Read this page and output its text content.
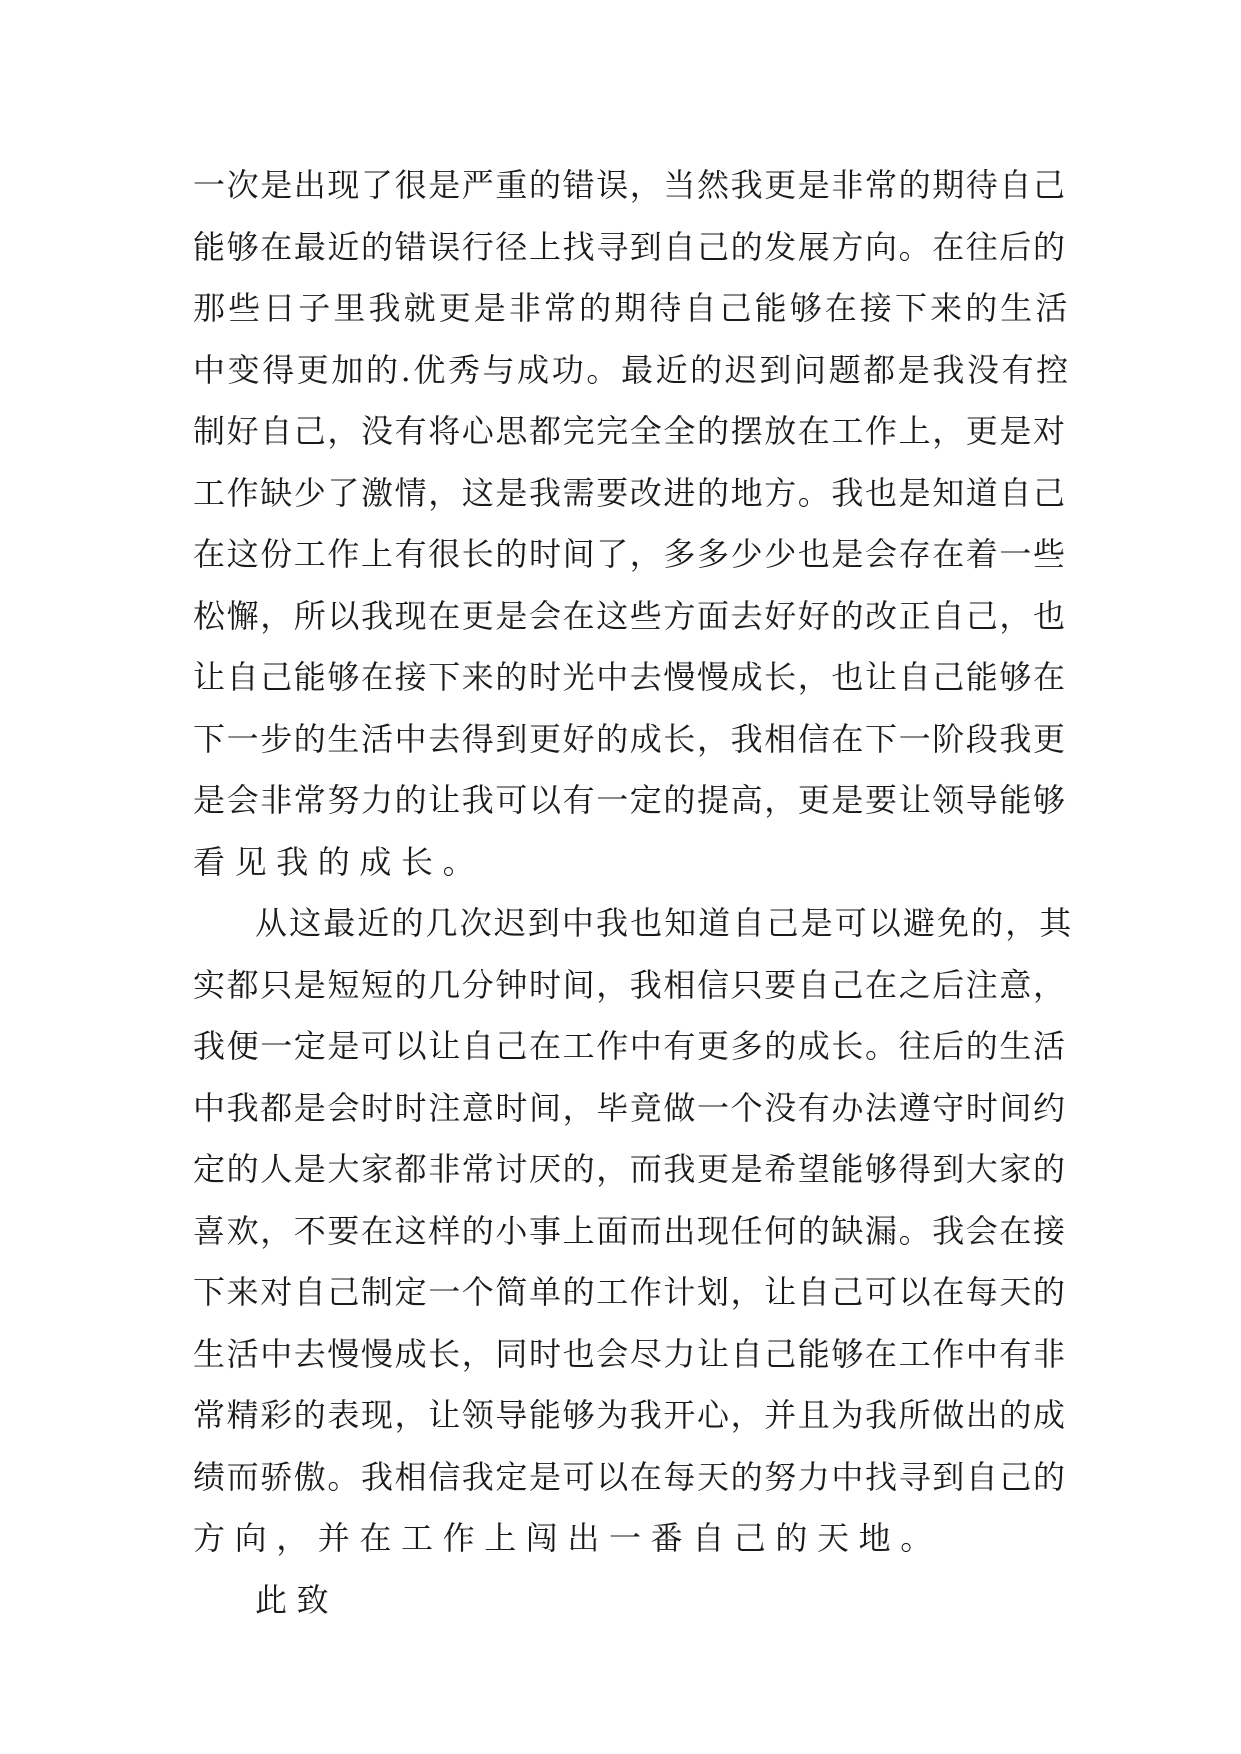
一次是出现了很是严重的错误，当然我更是非常的期待自己
能够在最近的错误行径上找寻到自己的发展方向。在往后的
那些日子里我就更是非常的期待自己能够在接下来的生活
中变得更加的.优秀与成功。最近的迟到问题都是我没有控
制好自己，没有将心思都完完全全的摆放在工作上，更是对
工作缺少了激情，这是我需要改进的地方。我也是知道自己
在这份工作上有很长的时间了，多多少少也是会存在着一些
松懈，所以我现在更是会在这些方面去好好的改正自己，也
让自己能够在接下来的时光中去慢慢成长，也让自己能够在
下一步的生活中去得到更好的成长，我相信在下一阶段我更
是会非常努力的让我可以有一定的提高，更是要让领导能够
看见我的成长。
从这最近的几次迟到中我也知道自己是可以避免的，其
实都只是短短的几分钟时间，我相信只要自己在之后注意，
我便一定是可以让自己在工作中有更多的成长。往后的生活
中我都是会时时注意时间，毕竟做一个没有办法遵守时间约
定的人是大家都非常讨厌的，而我更是希望能够得到大家的
喜欢，不要在这样的小事上面而出现任何的缺漏。我会在接
下来对自己制定一个简单的工作计划，让自己可以在每天的
生活中去慢慢成长，同时也会尽力让自己能够在工作中有非
常精彩的表现，让领导能够为我开心，并且为我所做出的成
绩而骄傲。我相信我定是可以在每天的努力中找寻到自己的
方向，并在工作上闯出一番自己的天地。
此致
